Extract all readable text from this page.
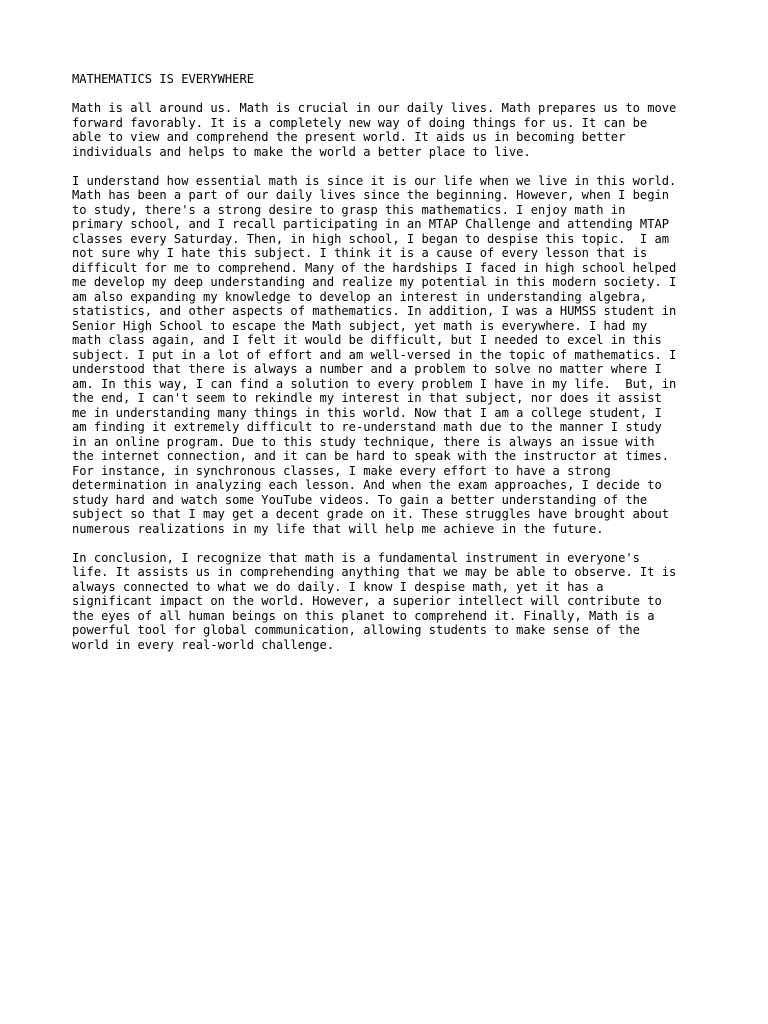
MATHEMATICS IS EVERYWHERE
Math is all around us. Math is crucial in our daily lives. Math prepares us to move
forward favorably. It is a completely new way of doing things for us. It can be
able to view and comprehend the present world. It aids us in becoming better
individuals and helps to make the world a better place to live.
I understand how essential math is since it is our life when we live in this world.
Math has been a part of our daily lives since the beginning. However, when I begin
to study, there's a strong desire to grasp this mathematics. I enjoy math in
primary school, and I recall participating in an MTAP Challenge and attending MTAP
classes every Saturday. Then, in high school, I began to despise this topic.  I am
not sure why I hate this subject. I think it is a cause of every lesson that is
difficult for me to comprehend. Many of the hardships I faced in high school helped
me develop my deep understanding and realize my potential in this modern society. I
am also expanding my knowledge to develop an interest in understanding algebra,
statistics, and other aspects of mathematics. In addition, I was a HUMSS student in
Senior High School to escape the Math subject, yet math is everywhere. I had my
math class again, and I felt it would be difficult, but I needed to excel in this
subject. I put in a lot of effort and am well-versed in the topic of mathematics. I
understood that there is always a number and a problem to solve no matter where I
am. In this way, I can find a solution to every problem I have in my life.  But, in
the end, I can't seem to rekindle my interest in that subject, nor does it assist
me in understanding many things in this world. Now that I am a college student, I
am finding it extremely difficult to re-understand math due to the manner I study
in an online program. Due to this study technique, there is always an issue with
the internet connection, and it can be hard to speak with the instructor at times.
For instance, in synchronous classes, I make every effort to have a strong
determination in analyzing each lesson. And when the exam approaches, I decide to
study hard and watch some YouTube videos. To gain a better understanding of the
subject so that I may get a decent grade on it. These struggles have brought about
numerous realizations in my life that will help me achieve in the future.
In conclusion, I recognize that math is a fundamental instrument in everyone's
life. It assists us in comprehending anything that we may be able to observe. It is
always connected to what we do daily. I know I despise math, yet it has a
significant impact on the world. However, a superior intellect will contribute to
the eyes of all human beings on this planet to comprehend it. Finally, Math is a
powerful tool for global communication, allowing students to make sense of the
world in every real-world challenge.
